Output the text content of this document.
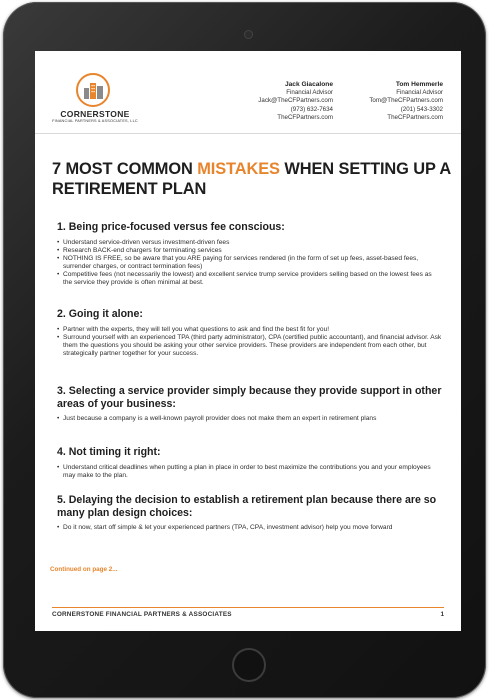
CORNERSTONE
FINANCIAL PARTNERS & ASSOCIATES, LLC
Jack Giacalone
Financial Advisor
Jack@TheCFPartners.com
(973) 632-7634
TheCFPartners.com
Tom Hemmerle
Financial Advisor
Tom@TheCFPartners.com
(201) 543-3302
TheCFPartners.com
7 MOST COMMON MISTAKES WHEN SETTING UP A RETIREMENT PLAN
1. Being price-focused versus fee conscious:
• Understand service-driven versus investment-driven fees
• Research BACK-end chargers for terminating services
• NOTHING IS FREE, so be aware that you ARE paying for services rendered (in the form of set up fees, asset-based fees, surrender charges, or contract termination fees)
• Competitive fees (not necessarily the lowest) and excellent service trump service providers selling based on the lowest fees as the service they provide is often minimal at best.
2. Going it alone:
• Partner with the experts, they will tell you what questions to ask and find the best fit for you!
• Surround yourself with an experienced TPA (third party administrator), CPA (certified public accountant), and financial advisor. Ask them the questions you should be asking your other service providers. These providers are independent from each other, but strategically partner together for your success.
3. Selecting a service provider simply because they provide support in other areas of your business:
• Just because a company is a well-known payroll provider does not make them an expert in retirement plans
4. Not timing it right:
• Understand critical deadlines when putting a plan in place in order to best maximize the contributions you and your employees may make to the plan.
5. Delaying the decision to establish a retirement plan because there are so many plan design choices:
• Do it now, start off simple & let your experienced partners (TPA, CPA, investment advisor) help you move forward
Continued on page 2...
CORNERSTONE FINANCIAL PARTNERS & ASSOCIATES	1
